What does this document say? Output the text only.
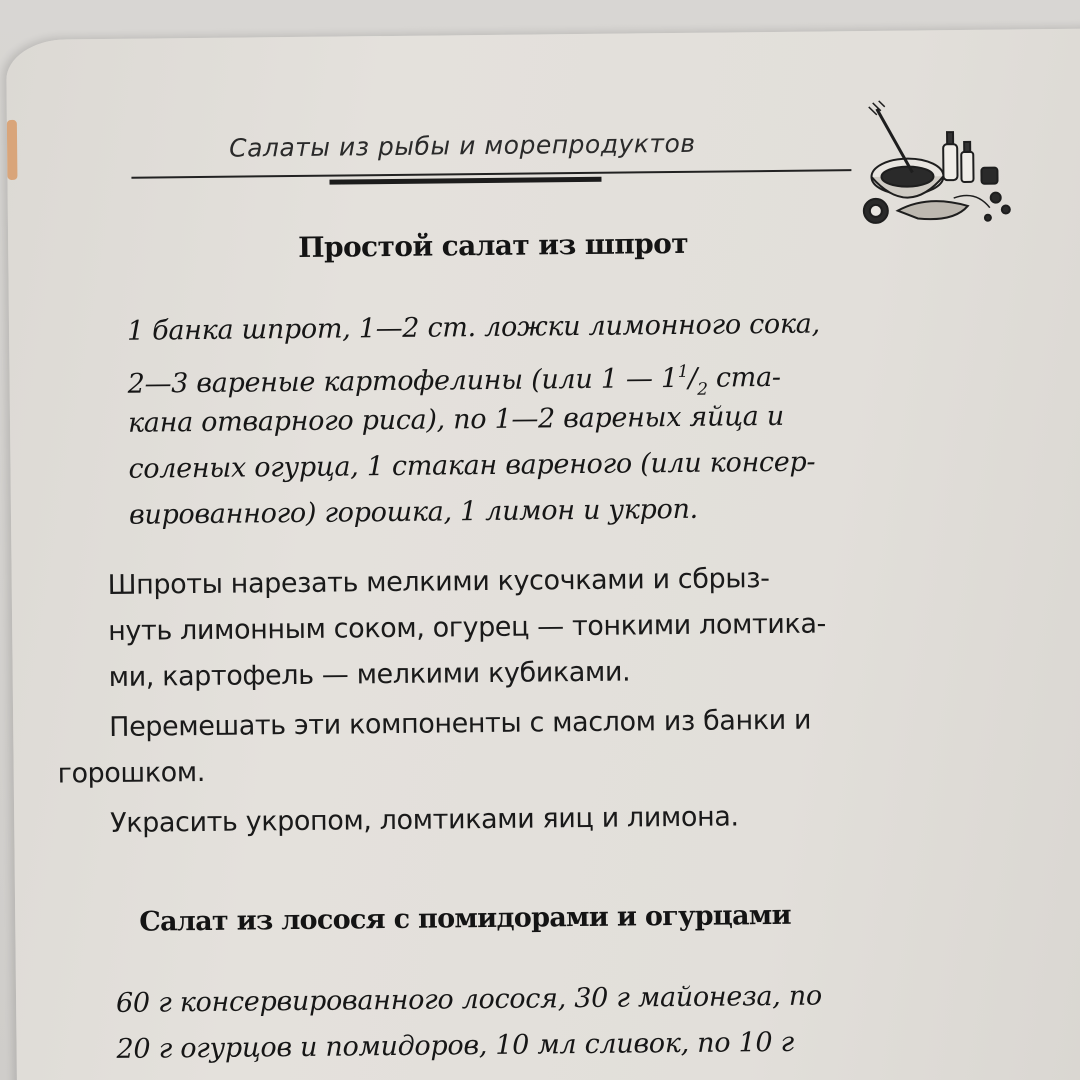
Салаты из рыбы и морепродуктов
Простой салат из шпрот
1 банка шпрот, 1—2 ст. ложки лимонного сока,
2—3 вареные картофелины (или 1 — $1^1/_2$ ста-
кана отварного риса), по 1—2 вареных яйца и
соленых огурца, 1 стакан вареного (или консер-
вированного) горошка, 1 лимон и укроп.
Шпроты нарезать мелкими кусочками и сбрыз-
нуть лимонным соком, огурец — тонкими ломтика-
ми, картофель — мелкими кубиками.
Перемешать эти компоненты с маслом из банки и
горошком.
Украсить укропом, ломтиками яиц и лимона.
Салат из лосося с помидорами и огурцами
60 г консервированного лосося, 30 г майонеза, по
20 г огурцов и помидоров, 10 мл сливок, по 10 г
